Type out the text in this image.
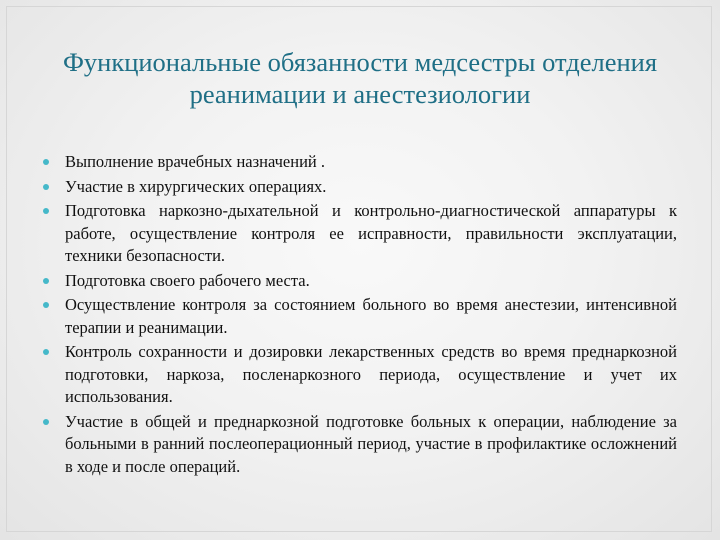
Функциональные обязанности медсестры отделения
реанимации и анестезиологии
Выполнение врачебных назначений .
Участие в хирургических операциях.
Подготовка наркозно-дыхательной и контрольно-диагностической аппаратуры к работе, осуществление контроля ее исправности, правильности эксплуатации, техники безопасности.
Подготовка своего рабочего места.
Осуществление контроля за состоянием больного во время анестезии, интенсивной терапии и реанимации.
Контроль сохранности и дозировки лекарственных средств во время преднаркозной подготовки, наркоза, посленаркозного периода, осуществление и учет их использования.
Участие в общей и преднаркозной подготовке больных к операции, наблюдение за больными в ранний послеоперационный период, участие в профилактике осложнений в ходе и после операций.
